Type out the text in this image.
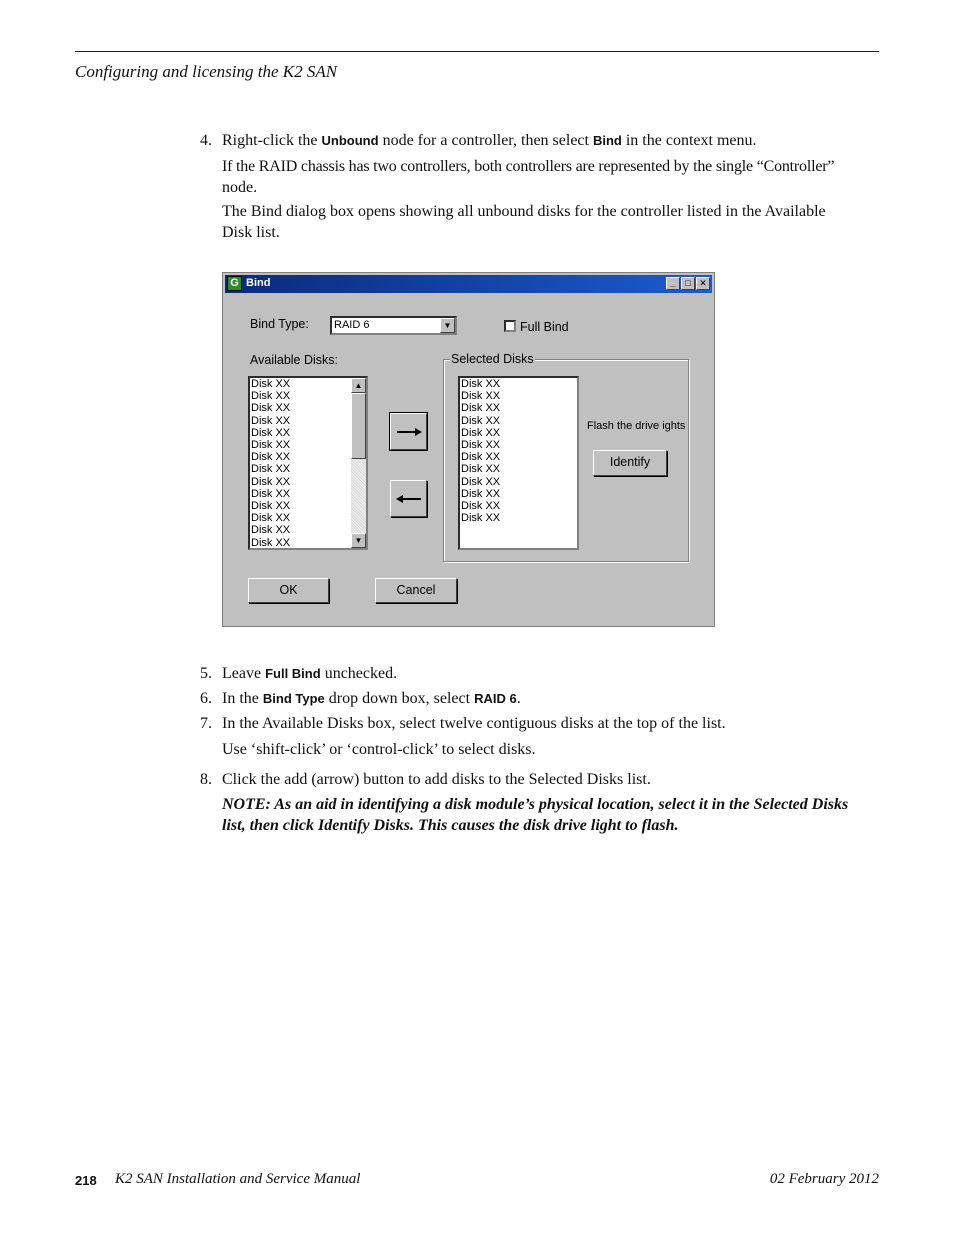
Configuring and licensing the K2 SAN
4. Right-click the Unbound node for a controller, then select Bind in the context menu.
If the RAID chassis has two controllers, both controllers are represented by the single “Controller”
node.
The Bind dialog box opens showing all unbound disks for the controller listed in the Available
Disk list.
G Bind	_	□ ✕
Bind Type: RAID 6	▼	Full Bind
Available Disks:
Disk XX
Disk XX
Disk XX
Disk XX
Disk XX
Disk XX
Disk XX
Disk XX
Disk XX
Disk XX
Disk XX
Disk XX
Disk XX
Disk XX
▲
▼
Selected Disks
Disk XX
Disk XX
Disk XX
Disk XX
Disk XX
Disk XX
Disk XX
Disk XX
Disk XX
Disk XX
Disk XX
Disk XX
Flash the drive ights
Identify
OK	Cancel
5. Leave Full Bind unchecked.
6. In the Bind Type drop down box, select RAID 6.
7. In the Available Disks box, select twelve contiguous disks at the top of the list.
Use ‘shift-click’ or ‘control-click’ to select disks.
8. Click the add (arrow) button to add disks to the Selected Disks list.
NOTE: As an aid in identifying a disk module’s physical location, select it in the Selected Disks list, then click Identify Disks. This causes the disk drive light to flash.
218 K2 SAN Installation and Service Manual	02 February 2012
